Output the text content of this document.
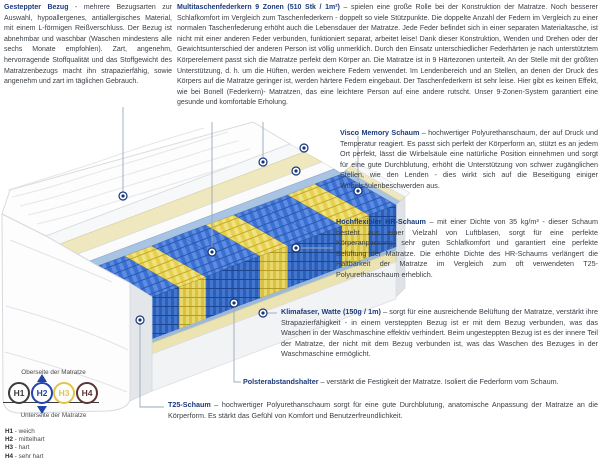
Gesteppter Bezug - mehrere Bezugsarten zur Auswahl, hypoallergenes, antiallergisches Material, mit einem L-förmigen Reißverschluss. Der Bezug ist abnehmbar und waschbar (Waschen mindestens alle sechs Monate empfohlen). Zart, angenehm, hervorragende Stoffqualität und das Stoffgewicht des Matratzenbezugs macht ihn strapazierfähig, sowie angenehm und zart im täglichen Gebrauch.
Multitaschenfederkern 9 Zonen (510 Stk / 1m²) – spielen eine große Rolle bei der Konstruktion der Matratze. Noch besserer Schlafkomfort im Vergleich zum Taschenfederkern - doppelt so viele Stützpunkte. Die doppelte Anzahl der Federn im Vergleich zu einer normalen Taschenfederung erhöht auch die Lebensdauer der Matratze. Jede Feder befindet sich in einer separaten Materialtasche, ist nicht mit einer anderen Feder verbunden, funktioniert separat, arbeitet leise! Dank dieser Konstruktion, Wenden und Drehen oder der Gewichtsunterschied der anderen Person ist völlig unmerklich. Durch den Einsatz unterschiedlicher Federhärten je nach unterstütztem Körperelement passt sich die Matratze perfekt dem Körper an. Die Matratze ist in 9 Härtezonen unterteilt. An der Stelle mit der größten Unterstützung, d. h. um die Hüften, werden weichere Federn verwendet. Im Lendenbereich und an Stellen, an denen der Druck des Körpers auf die Matratze geringer ist, werden härtere Federn eingebaut. Der Taschenfederkern ist sehr leise. Hier gibt es keinen Effekt, wie bei Bonell (Federkern)- Matratzen, das eine leichtere Person auf eine andere rutscht. Unser 9-Zonen-System garantiert eine gesunde und komfortable Erholung.
Visco Memory Schaum – hochwertiger Polyurethanschaum, der auf Druck und Temperatur reagiert. Es passt sich perfekt der Körperform an, stützt es an jedem Ort perfekt, lässt die Wirbelsäule eine natürliche Position einnehmen und sorgt für eine gute Durchblutung, erhöht die Unterstützung von schwer zugänglichen Stellen, wie den Lenden - dies wirkt sich auf die Beseitigung einiger Wirbelsäulenbeschwerden aus.
Hochflexibler HR-Schaum – mit einer Dichte von 35 kg/m³ - dieser Schaum besteht aus einer Vielzahl von Luftblasen, sorgt für eine perfekte Körperanpassung, sehr guten Schlafkomfort und garantiert eine perfekte Belüftung der Matratze. Die erhöhte Dichte des HR-Schaums verlängert die Haltbarkeit der Matratze im Vergleich zum oft verwendeten T25-Polyurethanschaum erheblich.
Klimafaser, Watte (150g / 1m) – sorgt für eine ausreichende Belüftung der Matratze, verstärkt ihre Strapazierfähigkeit - in einem versteppten Bezug ist er mit dem Bezug verbunden, was das Waschen in der Waschmaschine effektiv verhindert. Beim ungesteppten Bezug ist es der innere Teil der Matratze, der nicht mit dem Bezug verbunden ist, was das Waschen des Bezuges in der Waschmaschine ermöglicht.
Polsterabstandshalter – verstärkt die Festigkeit der Matratze. Isoliert die Federform vom Schaum.
T25-Schaum – hochwertiger Polyurethanschaum sorgt für eine gute Durchblutung, anatomische Anpassung der Matratze an die Körperform. Es stärkt das Gefühl von Komfort und Benutzerfreundlichkeit.
Oberseite der Matratze
H1 H2 H3 H4
Unterseite der Matratze
H1 - weich
H2 - mittelhart
H3 - hart
H4 - sehr hart
